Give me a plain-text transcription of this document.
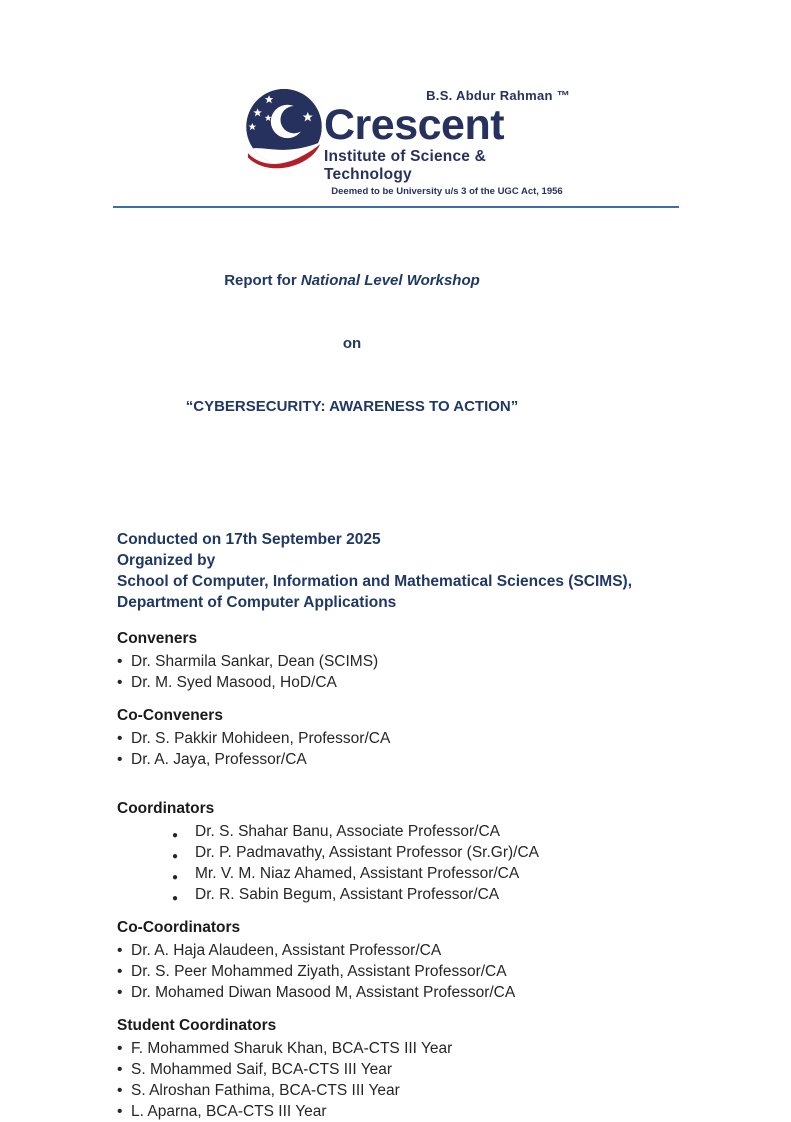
B.S. Abdur Rahman ™
Crescent
Institute of Science & Technology
Deemed to be University u/s 3 of the UGC Act, 1956

Report for National Level Workshop

on

“CYBERSECURITY: AWARENESS TO ACTION”

Conducted on 17th September 2025
Organized by
School of Computer, Information and Mathematical Sciences (SCIMS),
Department of Computer Applications
Conveners
• Dr. Sharmila Sankar, Dean (SCIMS)
• Dr. M. Syed Masood, HoD/CA
Co-Conveners
• Dr. S. Pakkir Mohideen, Professor/CA
• Dr. A. Jaya, Professor/CA
Coordinators
● Dr. S. Shahar Banu, Associate Professor/CA
● Dr. P. Padmavathy, Assistant Professor (Sr.Gr)/CA
● Mr. V. M. Niaz Ahamed, Assistant Professor/CA
● Dr. R. Sabin Begum, Assistant Professor/CA
Co-Coordinators
• Dr. A. Haja Alaudeen, Assistant Professor/CA
• Dr. S. Peer Mohammed Ziyath, Assistant Professor/CA
• Dr. Mohamed Diwan Masood M, Assistant Professor/CA
Student Coordinators
• F. Mohammed Sharuk Khan, BCA-CTS III Year
• S. Mohammed Saif, BCA-CTS III Year
• S. Alroshan Fathima, BCA-CTS III Year
• L. Aparna, BCA-CTS III Year
